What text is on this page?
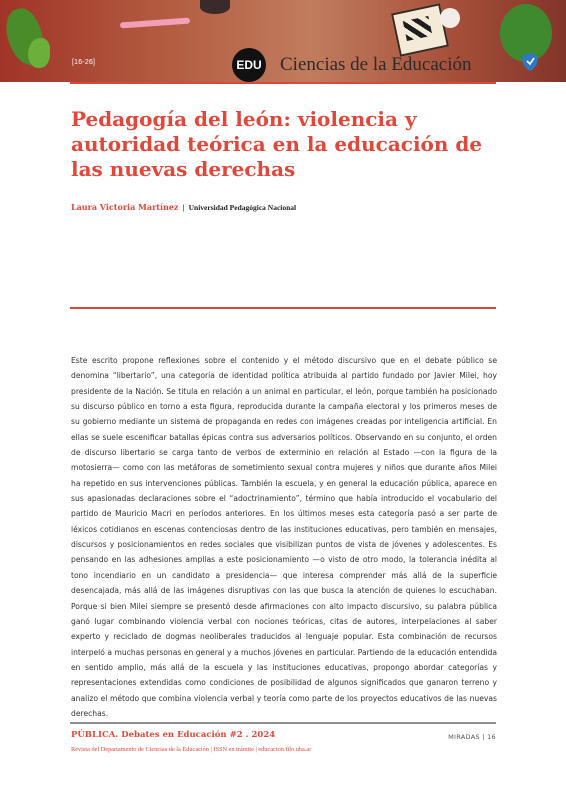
[16-26]	EDU Ciencias de la Educación
Pedagogía del león: violencia y autoridad teórica en la educación de las nuevas derechas
Laura Victoria Martínez | Universidad Pedagógica Nacional

Este escrito propone reflexiones sobre el contenido y el método discursivo que en el debate público se denomina “libertario”, una categoría de identidad política atribuida al partido fundado por Javier Milei, hoy presidente de la Nación. Se titula en relación a un animal en particular, el león, porque también ha posicionado su discurso público en torno a esta figura, reproducida durante la campaña electoral y los primeros meses de su gobierno mediante un sistema de propaganda en redes con imágenes creadas por inteligencia artificial. En ellas se suele escenificar batallas épicas contra sus adversarios políticos. Observando en su conjunto, el orden de discurso libertario se carga tanto de verbos de exterminio en relación al Estado —con la figura de la motosierra— como con las metáforas de sometimiento sexual contra mujeres y niños que durante años Milei ha repetido en sus intervenciones públicas. También la escuela, y en general la educación pública, aparece en sus apasionadas declaraciones sobre el “adoctrinamiento”, término que había introducido el vocabulario del partido de Mauricio Macri en períodos anteriores. En los últimos meses esta categoría pasó a ser parte de léxicos cotidianos en escenas contenciosas dentro de las instituciones educativas, pero también en mensajes, discursos y posicionamientos en redes sociales que visibilizan puntos de vista de jóvenes y adolescentes. Es pensando en las adhesiones amplias a este posicionamiento —o visto de otro modo, la tolerancia inédita al tono incendiario en un candidato a presidencia— que interesa comprender más allá de la superficie desencajada, más allá de las imágenes disruptivas con las que busca la atención de quienes lo escuchaban. Porque si bien Milei siempre se presentó desde afirmaciones con alto impacto discursivo, su palabra pública ganó lugar combinando violencia verbal con nociones teóricas, citas de autores, interpelaciones al saber experto y reciclado de dogmas neoliberales traducidos al lenguaje popular. Esta combinación de recursos interpeló a muchas personas en general y a muchos jóvenes en particular. Partiendo de la educación entendida en sentido amplio, más allá de la escuela y las instituciones educativas, propongo abordar categorías y representaciones extendidas como condiciones de posibilidad de algunos significados que ganaron terreno y analizo el método que combina violencia verbal y teoría como parte de los proyectos educativos de las nuevas derechas.

PÚBLICA. Debates en Educación #2 . 2024
Revista del Departamento de Ciencias de la Educación | ISSN en trámite | educacion.filo.uba.ar
MIRADAS | 16
